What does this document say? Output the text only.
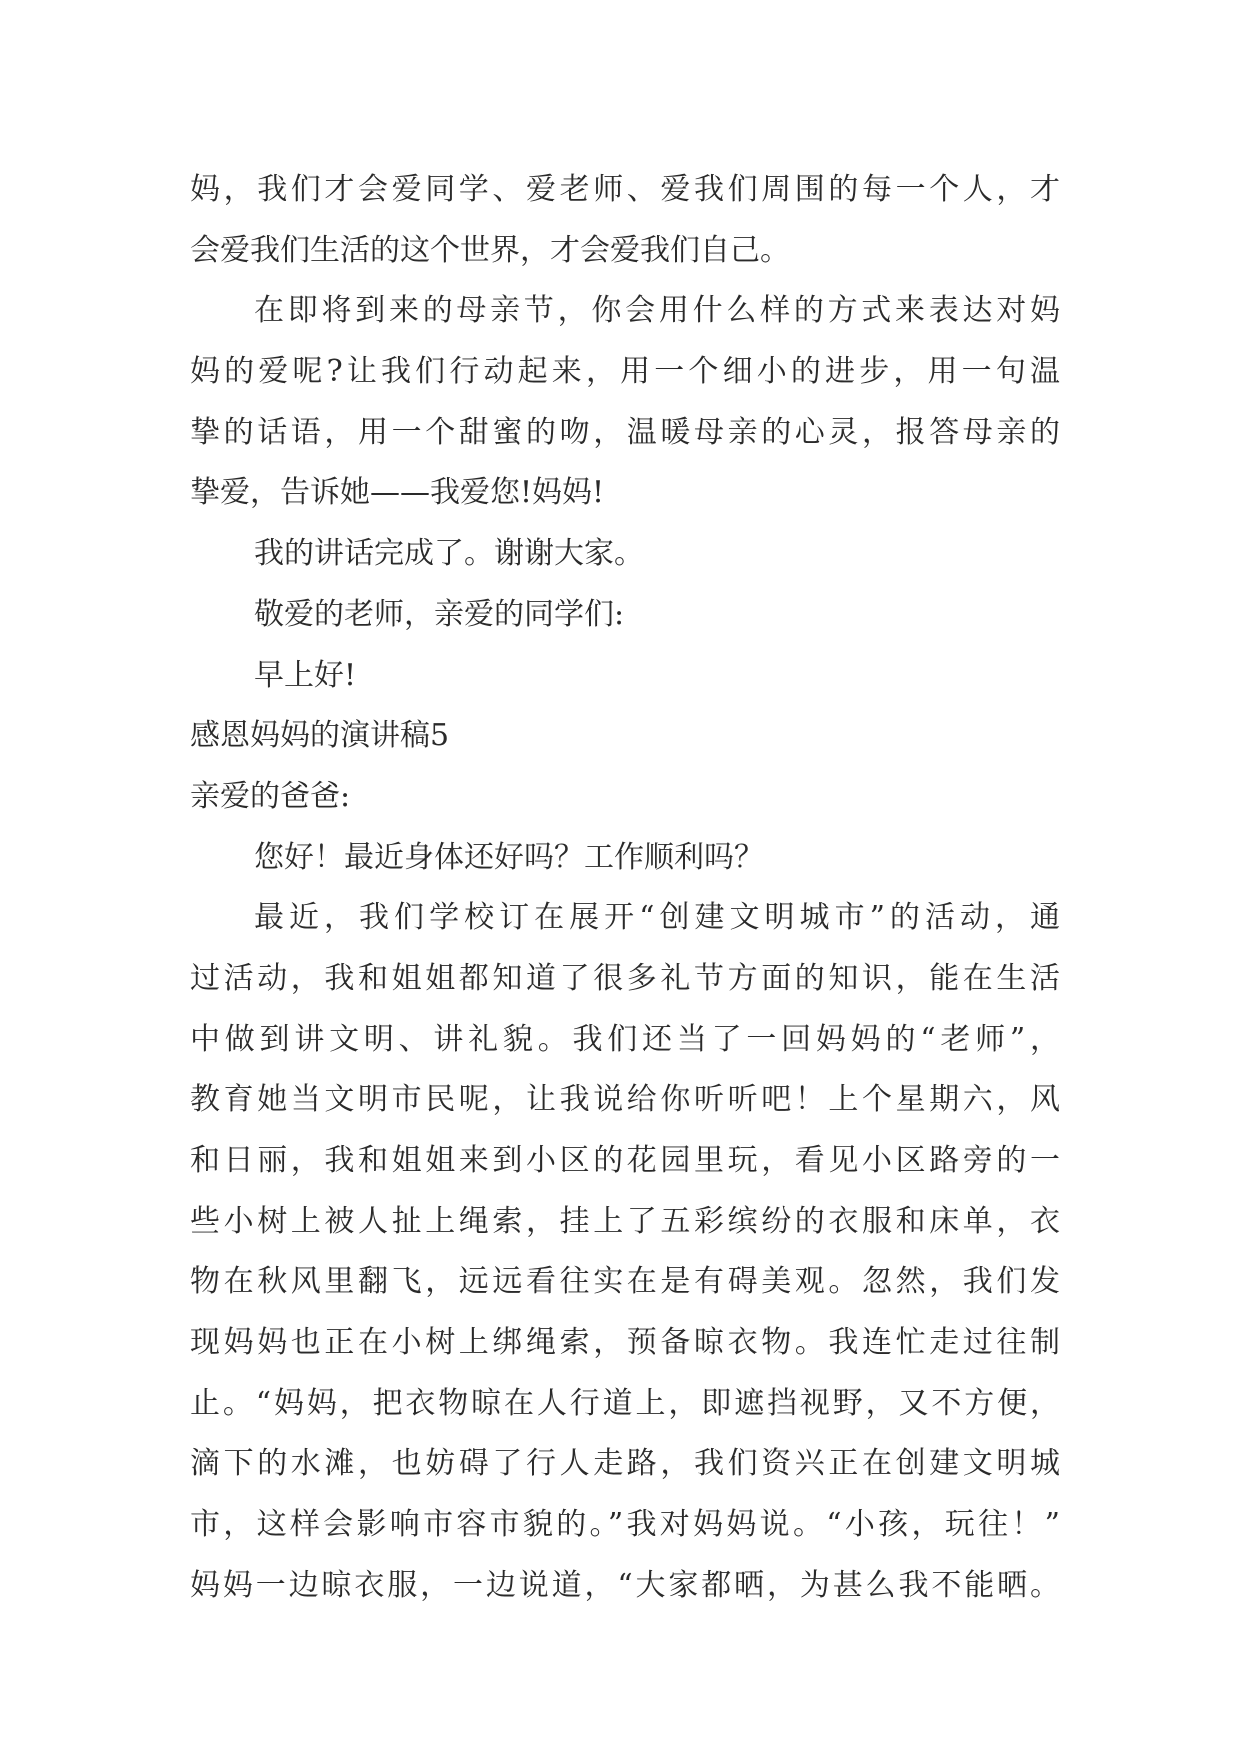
妈，我们才会爱同学、爱老师、爱我们周围的每一个人，才
会爱我们生活的这个世界，才会爱我们自己。
在即将到来的母亲节，你会用什么样的方式来表达对妈
妈的爱呢?让我们行动起来，用一个细小的进步，用一句温
挚的话语，用一个甜蜜的吻，温暖母亲的心灵，报答母亲的
挚爱，告诉她——我爱您!妈妈!
我的讲话完成了。谢谢大家。
敬爱的老师，亲爱的同学们:
早上好!
感恩妈妈的演讲稿5
亲爱的爸爸:
您好！最近身体还好吗？工作顺利吗？
最近，我们学校订在展开“创建文明城市”的活动，通
过活动，我和姐姐都知道了很多礼节方面的知识，能在生活
中做到讲文明、讲礼貌。我们还当了一回妈妈的“老师”，
教育她当文明市民呢，让我说给你听听吧！上个星期六，风
和日丽，我和姐姐来到小区的花园里玩，看见小区路旁的一
些小树上被人扯上绳索，挂上了五彩缤纷的衣服和床单，衣
物在秋风里翻飞，远远看往实在是有碍美观。忽然，我们发
现妈妈也正在小树上绑绳索，预备晾衣物。我连忙走过往制
止。“妈妈，把衣物晾在人行道上，即遮挡视野，又不方便，
滴下的水滩，也妨碍了行人走路，我们资兴正在创建文明城
市，这样会影响市容市貌的。”我对妈妈说。“小孩，玩往！”
妈妈一边晾衣服，一边说道，“大家都晒，为甚么我不能晒。
